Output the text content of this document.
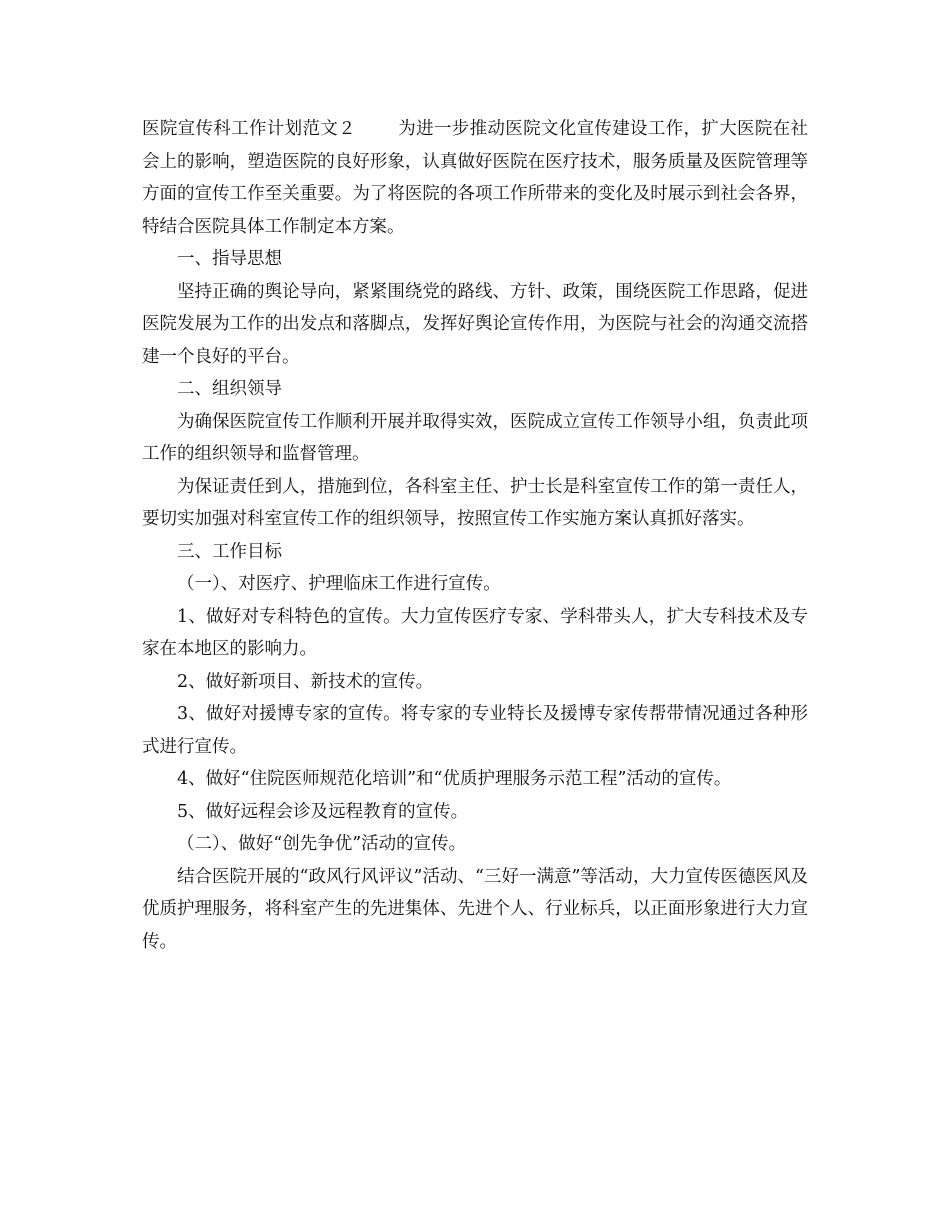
医院宣传科工作计划范文２ 为进一步推动医院文化宣传建设工作，扩大医院在社会上的影响，塑造医院的良好形象，认真做好医院在医疗技术，服务质量及医院管理等方面的宣传工作至关重要。为了将医院的各项工作所带来的变化及时展示到社会各界，特结合医院具体工作制定本方案。

一、指导思想

坚持正确的舆论导向，紧紧围绕党的路线、方针、政策，围绕医院工作思路，促进医院发展为工作的出发点和落脚点，发挥好舆论宣传作用，为医院与社会的沟通交流搭建一个良好的平台。

二、组织领导

为确保医院宣传工作顺利开展并取得实效，医院成立宣传工作领导小组，负责此项工作的组织领导和监督管理。

为保证责任到人，措施到位，各科室主任、护士长是科室宣传工作的第一责任人，要切实加强对科室宣传工作的组织领导，按照宣传工作实施方案认真抓好落实。

三、工作目标

（一）、对医疗、护理临床工作进行宣传。

1、做好对专科特色的宣传。大力宣传医疗专家、学科带头人，扩大专科技术及专家在本地区的影响力。

2、做好新项目、新技术的宣传。

3、做好对援博专家的宣传。将专家的专业特长及援博专家传帮带情况通过各种形式进行宣传。

4、做好“住院医师规范化培训”和“优质护理服务示范工程”活动的宣传。

5、做好远程会诊及远程教育的宣传。

（二）、做好“创先争优”活动的宣传。

结合医院开展的“政风行风评议”活动、“三好一满意”等活动，大力宣传医德医风及优质护理服务，将科室产生的先进集体、先进个人、行业标兵，以正面形象进行大力宣传。
